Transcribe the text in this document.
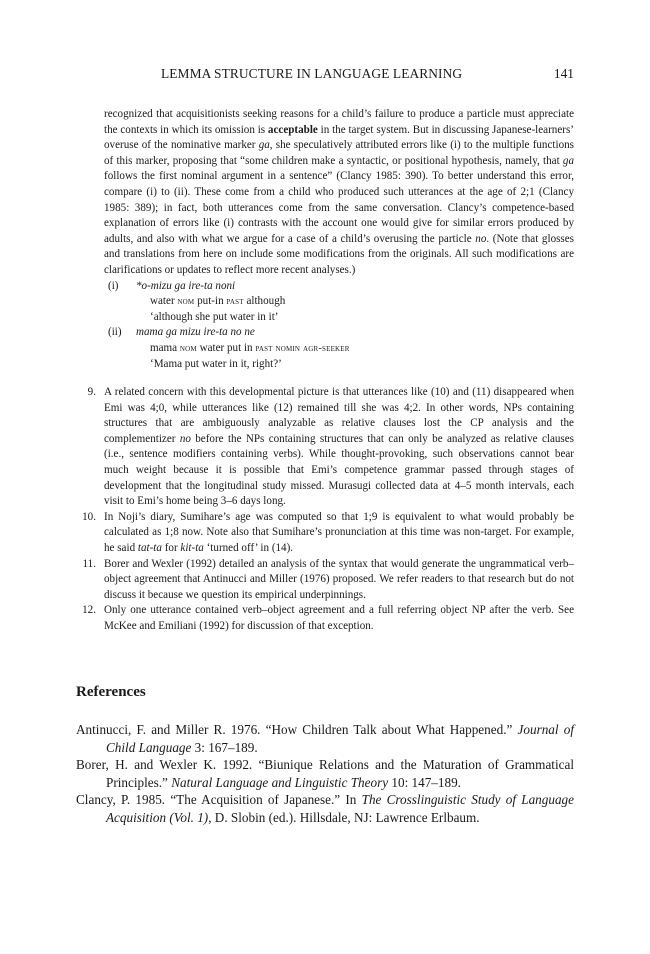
LEMMA STRUCTURE IN LANGUAGE LEARNING	141
recognized that acquisitionists seeking reasons for a child’s failure to produce a particle must appreciate the contexts in which its omission is acceptable in the target system. But in discussing Japanese-learners’ overuse of the nominative marker ga, she speculatively attributed errors like (i) to the multiple functions of this marker, proposing that “some children make a syntactic, or positional hypothesis, namely, that ga follows the first nominal argument in a sentence” (Clancy 1985: 390). To better understand this error, compare (i) to (ii). These come from a child who produced such utterances at the age of 2;1 (Clancy 1985: 389); in fact, both utterances come from the same conversation. Clancy’s competence-based explanation of errors like (i) contrasts with the account one would give for similar errors produced by adults, and also with what we argue for a case of a child’s overusing the particle no. (Note that glosses and translations from here on include some modifications from the originals. All such modifications are clarifications or updates to reflect more recent analyses.)
(i)	*o-mizu ga ire-ta noni
water nom put-in past although
‘although she put water in it’
(ii)	mama ga mizu ire-ta no ne
mama nom water put in past nomin agr-seeker
‘Mama put water in it, right?’
9. A related concern with this developmental picture is that utterances like (10) and (11) disappeared when Emi was 4;0, while utterances like (12) remained till she was 4;2. In other words, NPs containing structures that are ambiguously analyzable as relative clauses lost the CP analysis and the complementizer no before the NPs containing structures that can only be analyzed as relative clauses (i.e., sentence modifiers containing verbs). While thought-provoking, such observations cannot bear much weight because it is possible that Emi’s competence grammar passed through stages of development that the longitudinal study missed. Murasugi collected data at 4–5 month intervals, each visit to Emi’s home being 3–6 days long.
10. In Noji’s diary, Sumihare’s age was computed so that 1;9 is equivalent to what would probably be calculated as 1;8 now. Note also that Sumihare’s pronunciation at this time was non-target. For example, he said tat-ta for kit-ta ‘turned off’ in (14).
11. Borer and Wexler (1992) detailed an analysis of the syntax that would generate the ungrammatical verb–object agreement that Antinucci and Miller (1976) proposed. We refer readers to that research but do not discuss it because we question its empirical underpinnings.
12. Only one utterance contained verb–object agreement and a full referring object NP after the verb. See McKee and Emiliani (1992) for discussion of that exception.
References
Antinucci, F. and Miller R. 1976. “How Children Talk about What Happened.” Journal of Child Language 3: 167–189.
Borer, H. and Wexler K. 1992. “Biunique Relations and the Maturation of Grammatical Principles.” Natural Language and Linguistic Theory 10: 147–189.
Clancy, P. 1985. “The Acquisition of Japanese.” In The Crosslinguistic Study of Language Acquisition (Vol. 1), D. Slobin (ed.). Hillsdale, NJ: Lawrence Erlbaum.
